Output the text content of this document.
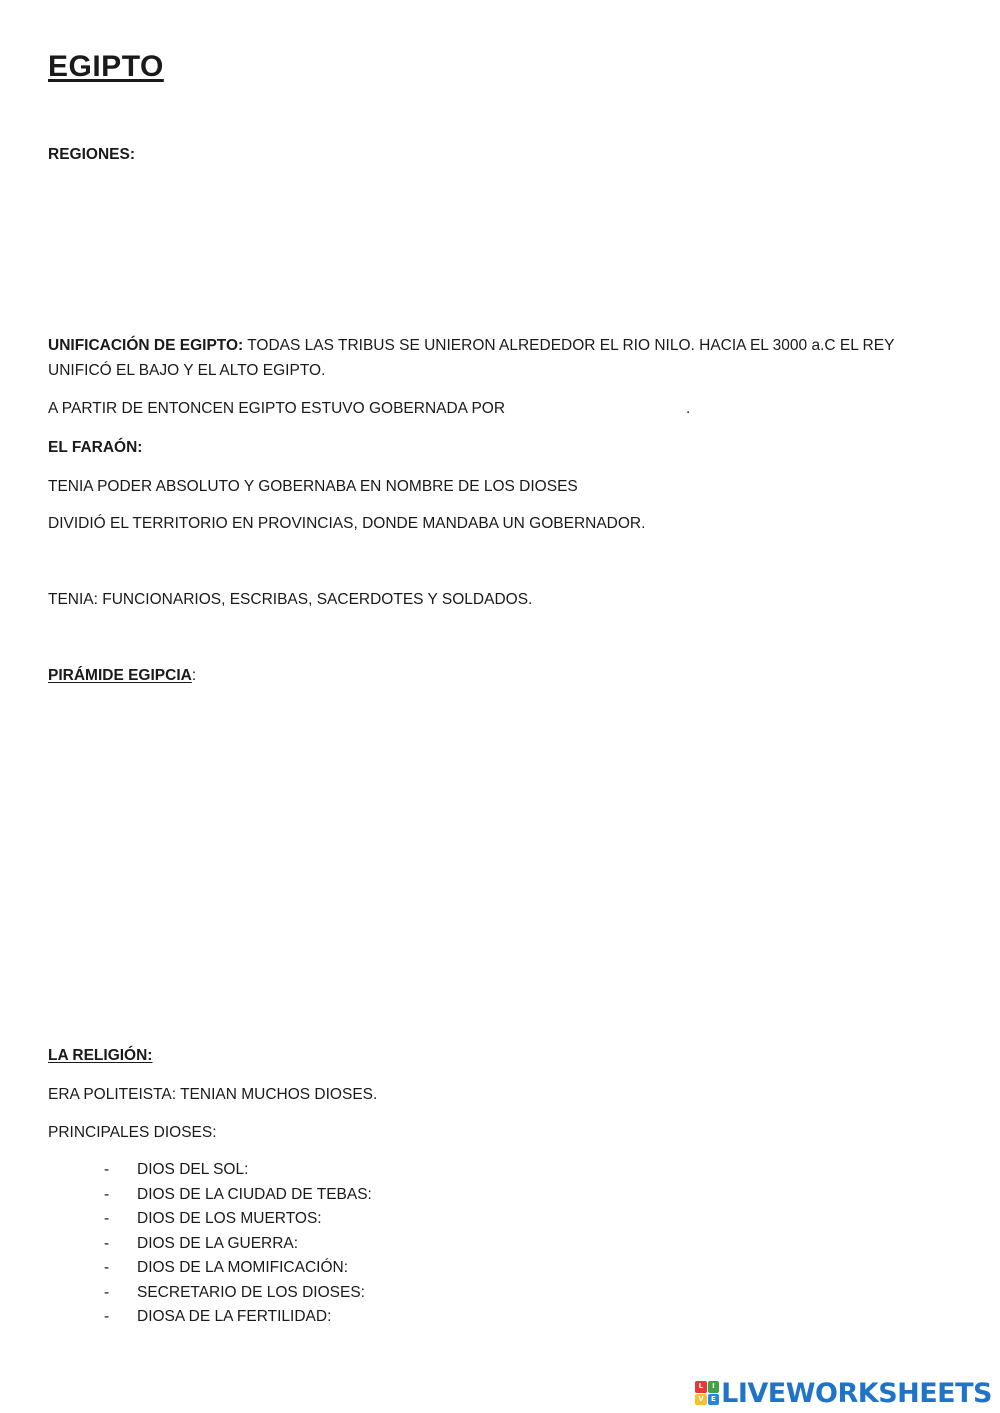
EGIPTO
REGIONES:
UNIFICACIÓN DE EGIPTO: TODAS LAS TRIBUS SE UNIERON ALREDEDOR EL RIO NILO. HACIA EL 3000 a.C EL REY
UNIFICÓ EL BAJO Y EL ALTO EGIPTO.
A PARTIR DE ENTONCEN EGIPTO ESTUVO GOBERNADA POR	.
EL FARAÓN:
TENIA PODER ABSOLUTO Y GOBERNABA EN NOMBRE DE LOS DIOSES
DIVIDIÓ EL TERRITORIO EN PROVINCIAS, DONDE MANDABA UN GOBERNADOR.
TENIA: FUNCIONARIOS, ESCRIBAS, SACERDOTES Y SOLDADOS.
PIRÁMIDE EGIPCIA:
LA RELIGIÓN:
ERA POLITEISTA: TENIAN MUCHOS DIOSES.
PRINCIPALES DIOSES:
-	DIOS DEL SOL:
-	DIOS DE LA CIUDAD DE TEBAS:
-	DIOS DE LOS MUERTOS:
-	DIOS DE LA GUERRA:
-	DIOS DE LA MOMIFICACIÓN:
-	SECRETARIO DE LOS DIOSES:
-	DIOSA DE LA FERTILIDAD:
L	I
V	E LIVEWORKSHEETS
